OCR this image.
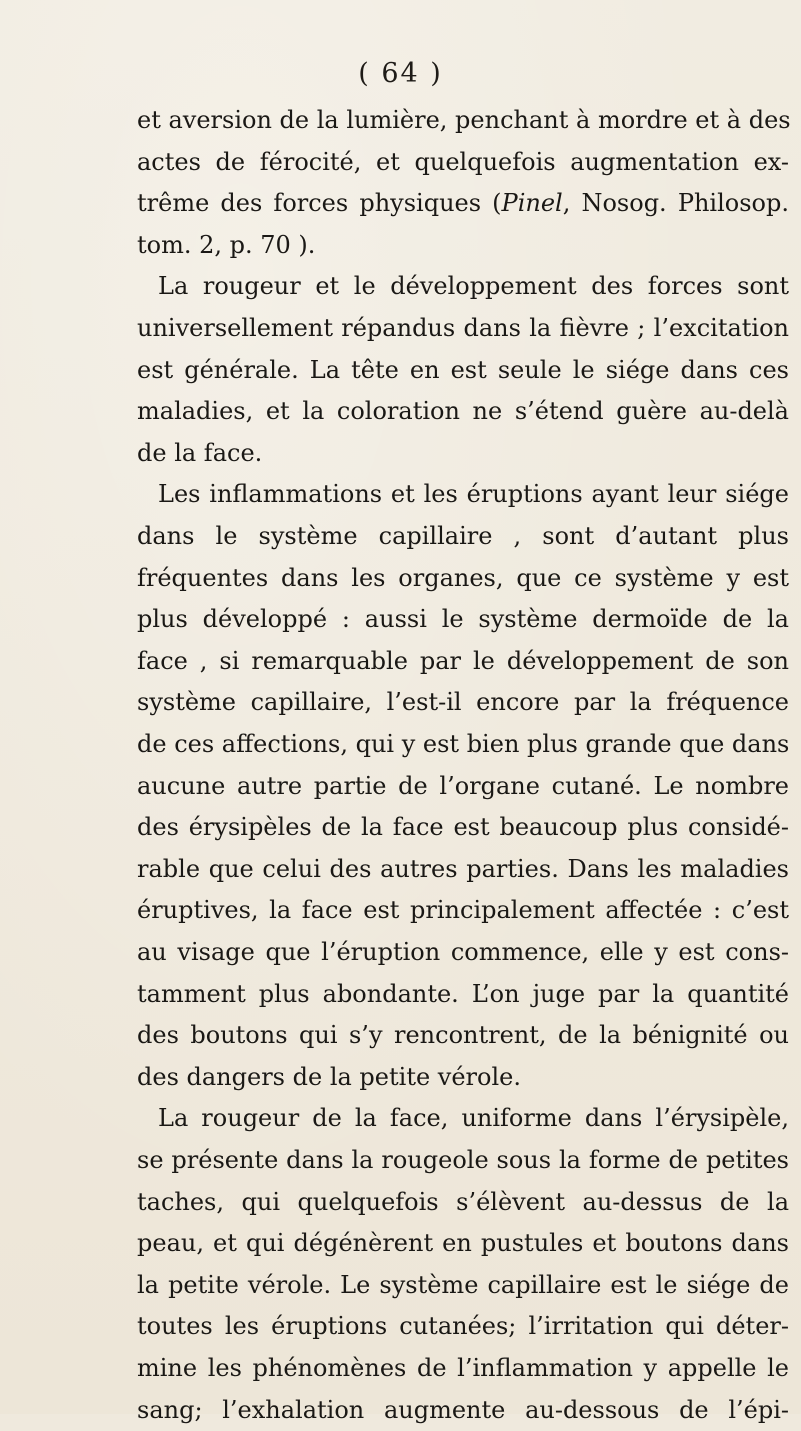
( 64 )
et aversion de la lumière, penchant à mordre et à des
actes de férocité, et quelquefois augmentation ex-
trême des forces physiques (Pinel, Nosog. Philosop.
tom. 2, p. 70 ).
La rougeur et le développement des forces sont
universellement répandus dans la fièvre ; l’excitation
est générale. La tête en est seule le siége dans ces
maladies, et la coloration ne s’étend guère au-delà
de la face.
Les inflammations et les éruptions ayant leur siége
dans le système capillaire , sont d’autant plus
fréquentes dans les organes, que ce système y est
plus développé : aussi le système dermoïde de la
face , si remarquable par le développement de son
système capillaire, l’est-il encore par la fréquence
de ces affections, qui y est bien plus grande que dans
aucune autre partie de l’organe cutané. Le nombre
des érysipèles de la face est beaucoup plus considé-
rable que celui des autres parties. Dans les maladies
éruptives, la face est principalement affectée : c’est
au visage que l’éruption commence, elle y est cons-
tamment plus abondante. L’on juge par la quantité
des boutons qui s’y rencontrent, de la bénignité ou
des dangers de la petite vérole.
La rougeur de la face, uniforme dans l’érysipèle,
se présente dans la rougeole sous la forme de petites
taches, qui quelquefois s’élèvent au-dessus de la
peau, et qui dégénèrent en pustules et boutons dans
la petite vérole. Le système capillaire est le siége de
toutes les éruptions cutanées; l’irritation qui déter-
mine les phénomènes de l’inflammation y appelle le
sang; l’exhalation augmente au-dessous de l’épi-
